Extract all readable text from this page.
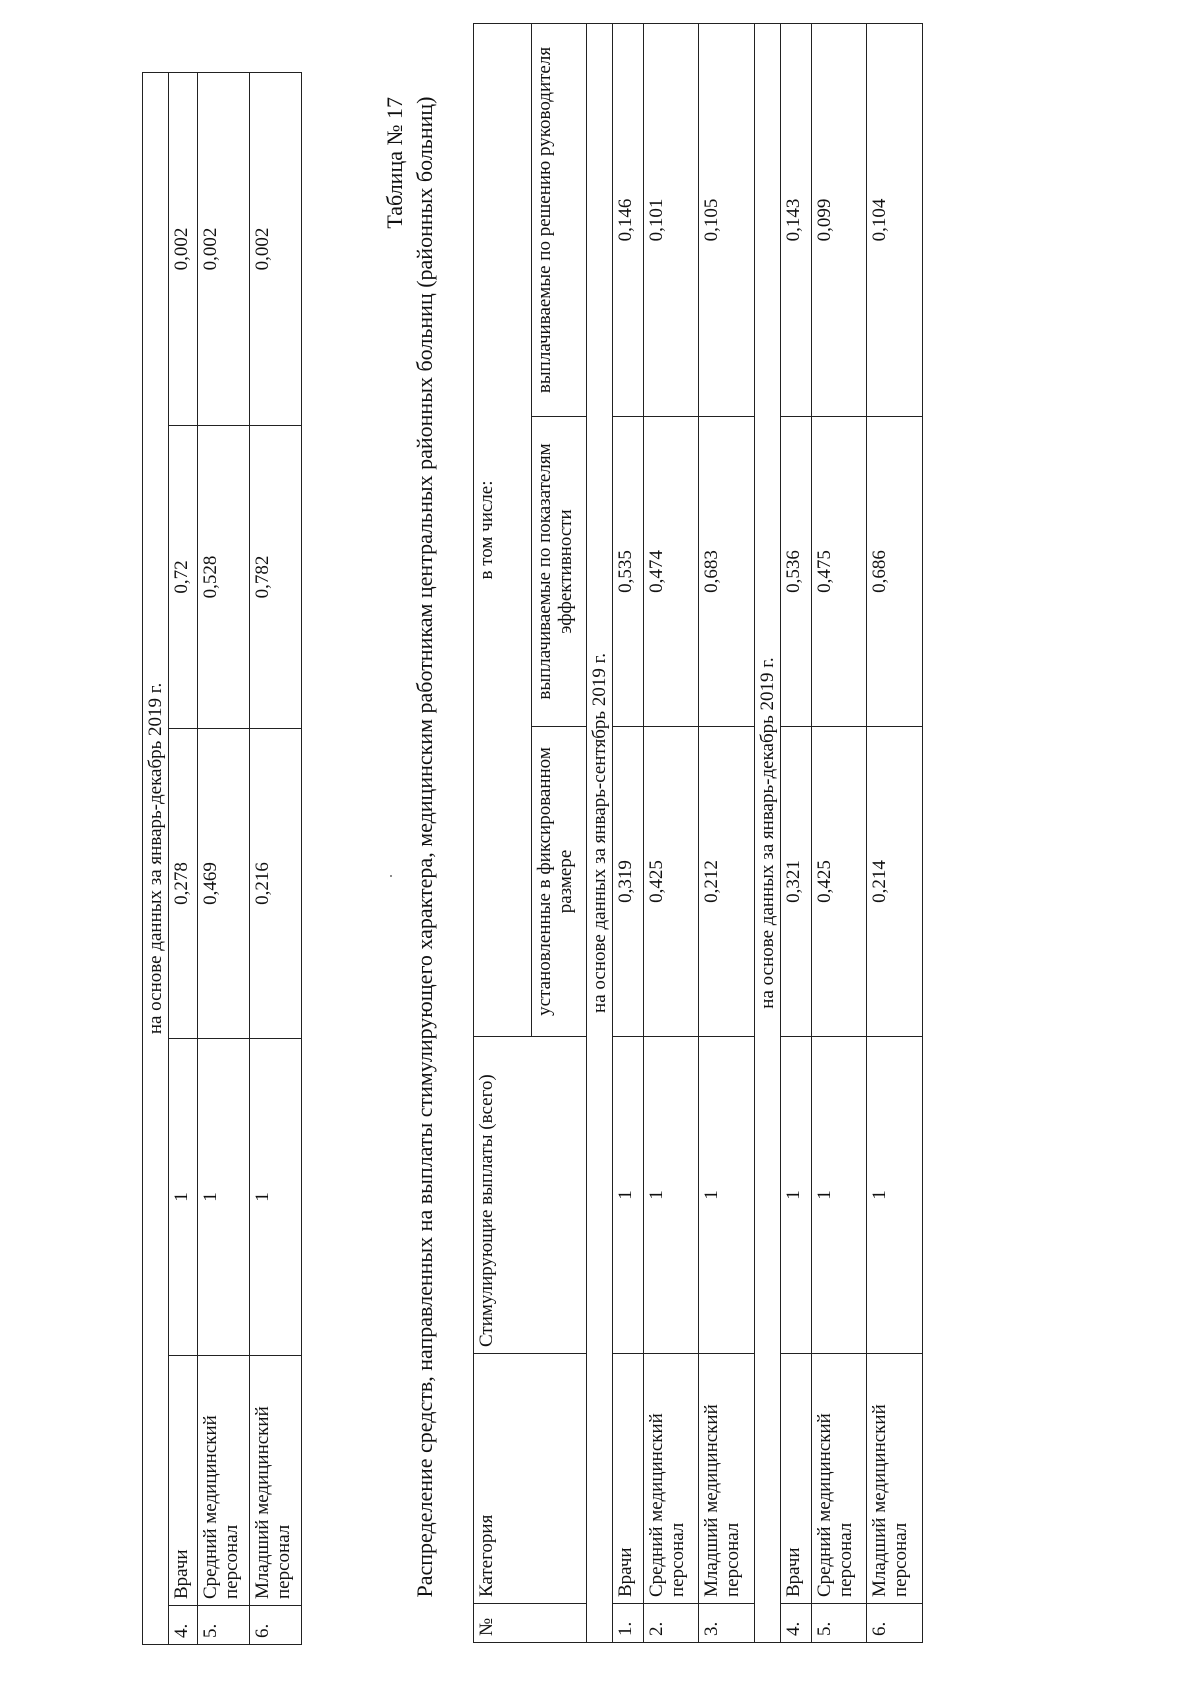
на основе данных за январь-декабрь 2019 г.					
4.	Врачи	1	0,278	0,72	0,002
5.	Средний медицинский персонал	1	0,469	0,528	0,002
6.	Младший медицинский персонал	1	0,216	0,782	0,002
Таблица № 17 Распределение средств, направленных на выплаты стимулирующего характера, медицинским работникам центральных районных больниц (районных больниц)
№	Категория	Стимулирующие выплаты (всего)	в том числе:		
			установленные в фиксированном размере	выплачиваемые по показателям эффективности	выплачиваемые по решению руководителя
на основе данных за январь-сентябрь 2019 г.					
1.	Врачи	1	0,319	0,535	0,146
2.	Средний медицинский персонал	1	0,425	0,474	0,101
3.	Младший медицинский персонал	1	0,212	0,683	0,105
на основе данных за январь-декабрь 2019 г.					
4.	Врачи	1	0,321	0,536	0,143
5.	Средний медицинский персонал	1	0,425	0,475	0,099
6.	Младший медицинский персонал	1	0,214	0,686	0,104
